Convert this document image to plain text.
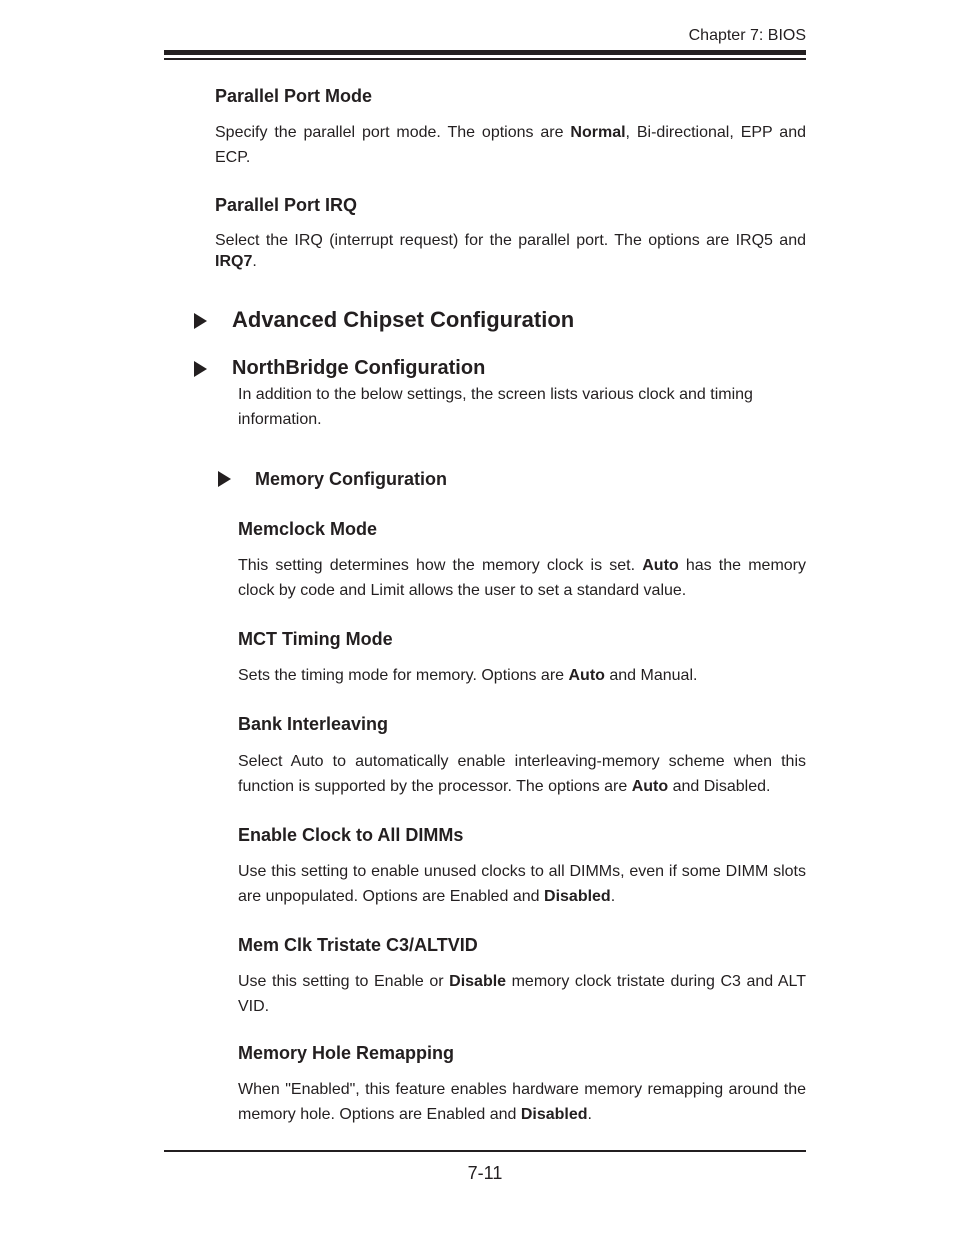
Chapter 7: BIOS
Parallel Port Mode
Specify the parallel port mode. The options are Normal, Bi-directional, EPP and ECP.
Parallel Port IRQ
Select the IRQ (interrupt request) for the parallel port. The options are IRQ5 and IRQ7.
Advanced Chipset Configuration
NorthBridge Configuration
In addition to the below settings, the screen lists various clock and timing information.
Memory Configuration
Memclock Mode
This setting determines how the memory clock is set. Auto has the memory clock by code and Limit allows the user to set a standard value.
MCT Timing Mode
Sets the timing mode for memory. Options are Auto and Manual.
Bank Interleaving
Select Auto to automatically enable interleaving-memory scheme when this function is supported by the processor. The options are Auto and Disabled.
Enable Clock to All DIMMs
Use this setting to enable unused clocks to all DIMMs, even if some DIMM slots are unpopulated. Options are Enabled and Disabled.
Mem Clk Tristate C3/ALTVID
Use this setting to Enable or Disable memory clock tristate during C3 and ALT VID.
Memory Hole Remapping
When "Enabled", this feature enables hardware memory remapping around the memory hole. Options are Enabled and Disabled.
7-11
